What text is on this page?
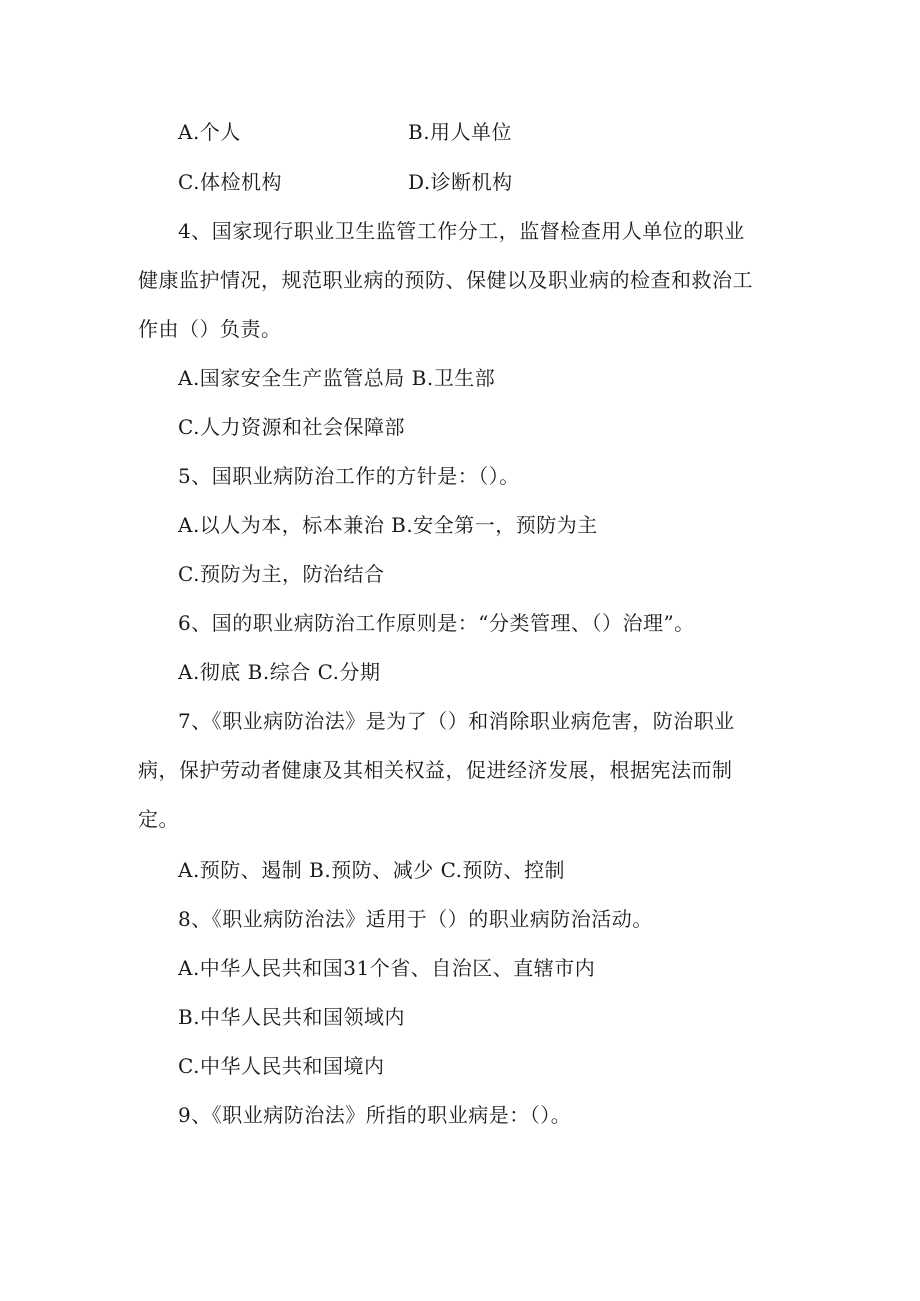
A.个人	B.用人单位
C.体检机构	D.诊断机构
4、国家现行职业卫生监管工作分工，监督检查用人单位的职业
健康监护情况，规范职业病的预防、保健以及职业病的检查和救治工
作由（）负责。
A.国家安全生产监管总局 B.卫生部
C.人力资源和社会保障部
5、国职业病防治工作的方针是：（）。
A.以人为本，标本兼治 B.安全第一，预防为主
C.预防为主，防治结合
6、国的职业病防治工作原则是：“分类管理、（）治理”。
A.彻底 B.综合 C.分期
7、《职业病防治法》是为了（）和消除职业病危害，防治职业
病，保护劳动者健康及其相关权益，促进经济发展，根据宪法而制
定。
A.预防、遏制 B.预防、减少 C.预防、控制
8、《职业病防治法》适用于（）的职业病防治活动。
A.中华人民共和国31个省、自治区、直辖市内
B.中华人民共和国领域内
C.中华人民共和国境内
9、《职业病防治法》所指的职业病是：（）。
